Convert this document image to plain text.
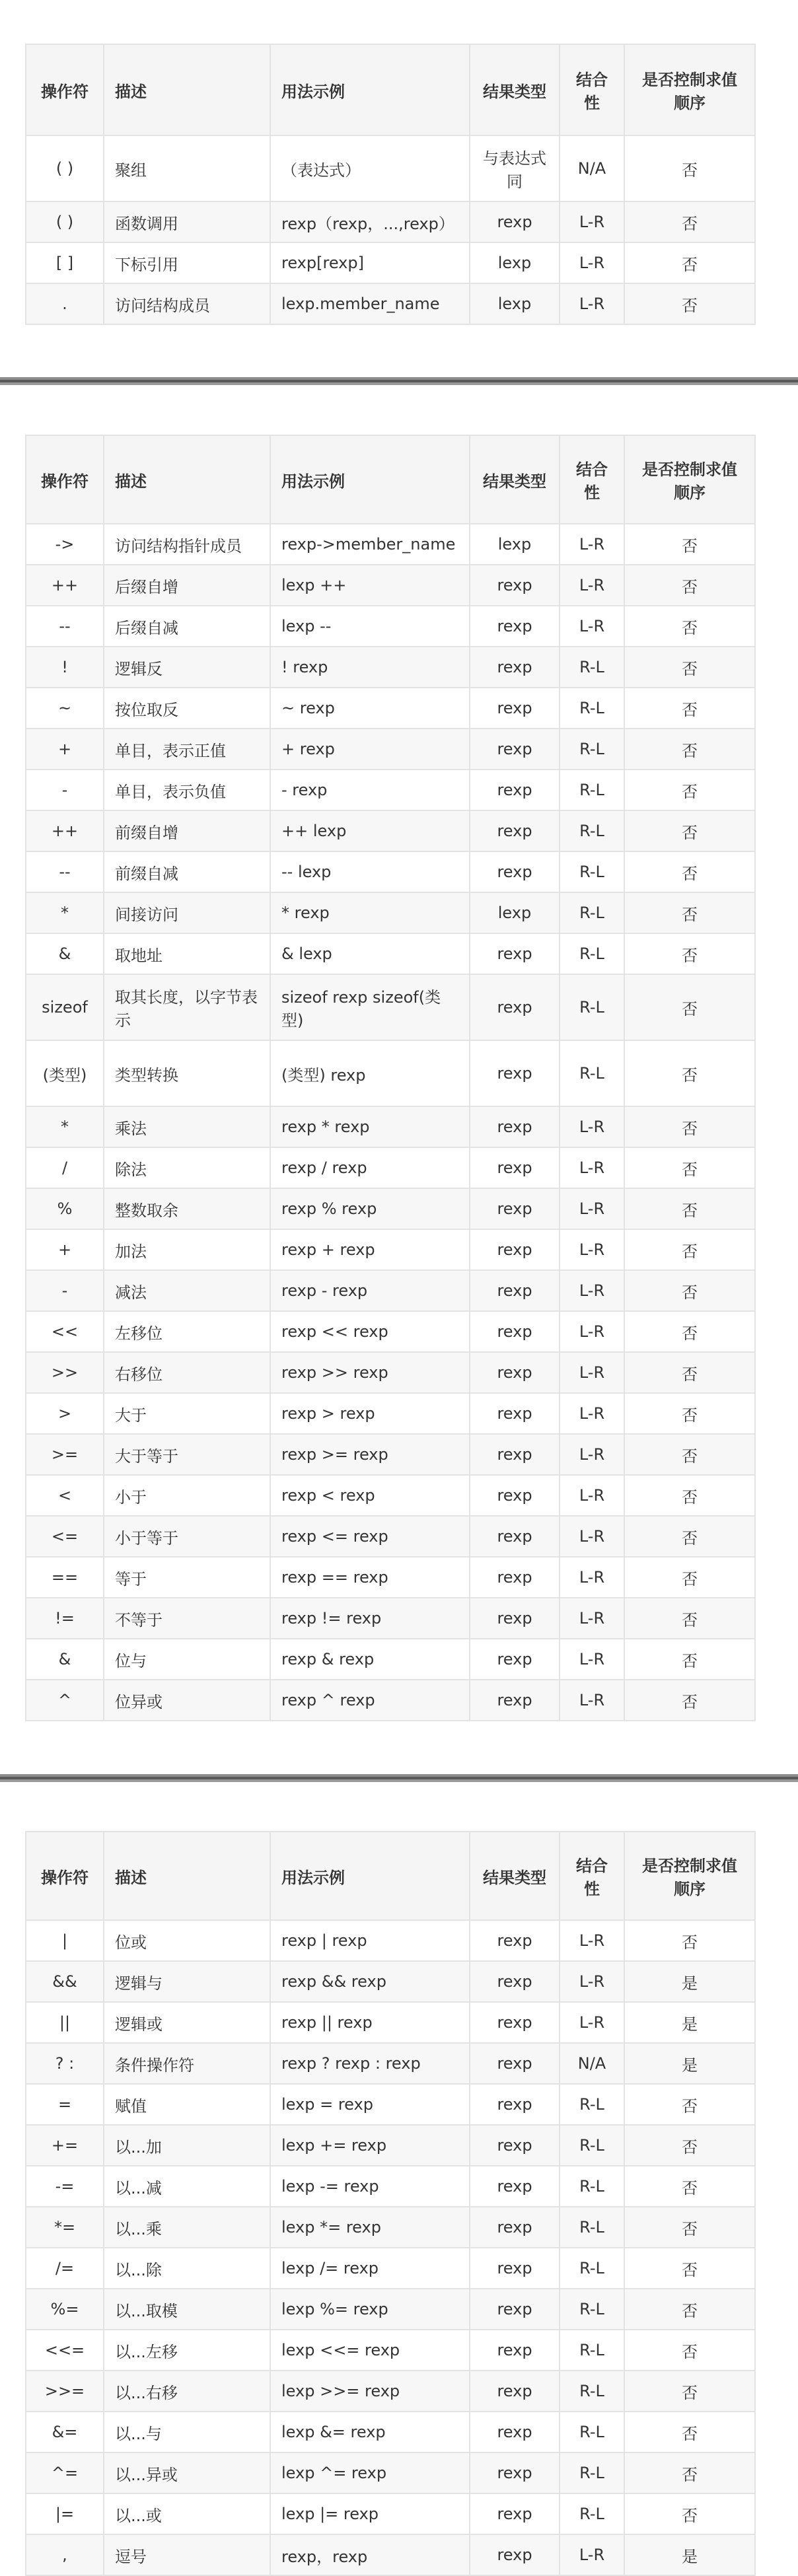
操作符	描述	用法示例	结果类型	结合性	是否控制求值顺序
( )	聚组	（表达式）	与表达式同	N/A	否
( )	函数调用	rexp（rexp，...,rexp）	rexp	L-R	否
[ ]	下标引用	rexp[rexp]	lexp	L-R	否
.	访问结构成员	lexp.member_name	lexp	L-R	否
操作符	描述	用法示例	结果类型	结合性	是否控制求值顺序
->	访问结构指针成员	rexp->member_name	lexp	L-R	否
++	后缀自增	lexp ++	rexp	L-R	否
--	后缀自减	lexp --	rexp	L-R	否
!	逻辑反	! rexp	rexp	R-L	否
~	按位取反	~ rexp	rexp	R-L	否
+	单目，表示正值	+ rexp	rexp	R-L	否
-	单目，表示负值	- rexp	rexp	R-L	否
++	前缀自增	++ lexp	rexp	R-L	否
--	前缀自减	-- lexp	rexp	R-L	否
*	间接访问	* rexp	lexp	R-L	否
&	取地址	& lexp	rexp	R-L	否
sizeof	取其长度，以字节表示	sizeof rexp sizeof(类型)	rexp	R-L	否
(类型)	类型转换	(类型) rexp	rexp	R-L	否
*	乘法	rexp * rexp	rexp	L-R	否
/	除法	rexp / rexp	rexp	L-R	否
%	整数取余	rexp % rexp	rexp	L-R	否
+	加法	rexp + rexp	rexp	L-R	否
-	减法	rexp - rexp	rexp	L-R	否
<<	左移位	rexp << rexp	rexp	L-R	否
>>	右移位	rexp >> rexp	rexp	L-R	否
>	大于	rexp > rexp	rexp	L-R	否
>=	大于等于	rexp >= rexp	rexp	L-R	否
<	小于	rexp < rexp	rexp	L-R	否
<=	小于等于	rexp <= rexp	rexp	L-R	否
==	等于	rexp == rexp	rexp	L-R	否
!=	不等于	rexp != rexp	rexp	L-R	否
&	位与	rexp & rexp	rexp	L-R	否
^	位异或	rexp ^ rexp	rexp	L-R	否
操作符	描述	用法示例	结果类型	结合性	是否控制求值顺序
|	位或	rexp | rexp	rexp	L-R	否
&&	逻辑与	rexp && rexp	rexp	L-R	是
||	逻辑或	rexp || rexp	rexp	L-R	是
? :	条件操作符	rexp ? rexp : rexp	rexp	N/A	是
=	赋值	lexp = rexp	rexp	R-L	否
+=	以...加	lexp += rexp	rexp	R-L	否
-=	以...减	lexp -= rexp	rexp	R-L	否
*=	以...乘	lexp *= rexp	rexp	R-L	否
/=	以...除	lexp /= rexp	rexp	R-L	否
%=	以...取模	lexp %= rexp	rexp	R-L	否
<<=	以...左移	lexp <<= rexp	rexp	R-L	否
>>=	以...右移	lexp >>= rexp	rexp	R-L	否
&=	以...与	lexp &= rexp	rexp	R-L	否
^=	以...异或	lexp ^= rexp	rexp	R-L	否
|=	以...或	lexp |= rexp	rexp	R-L	否
,	逗号	rexp，rexp	rexp	L-R	是
